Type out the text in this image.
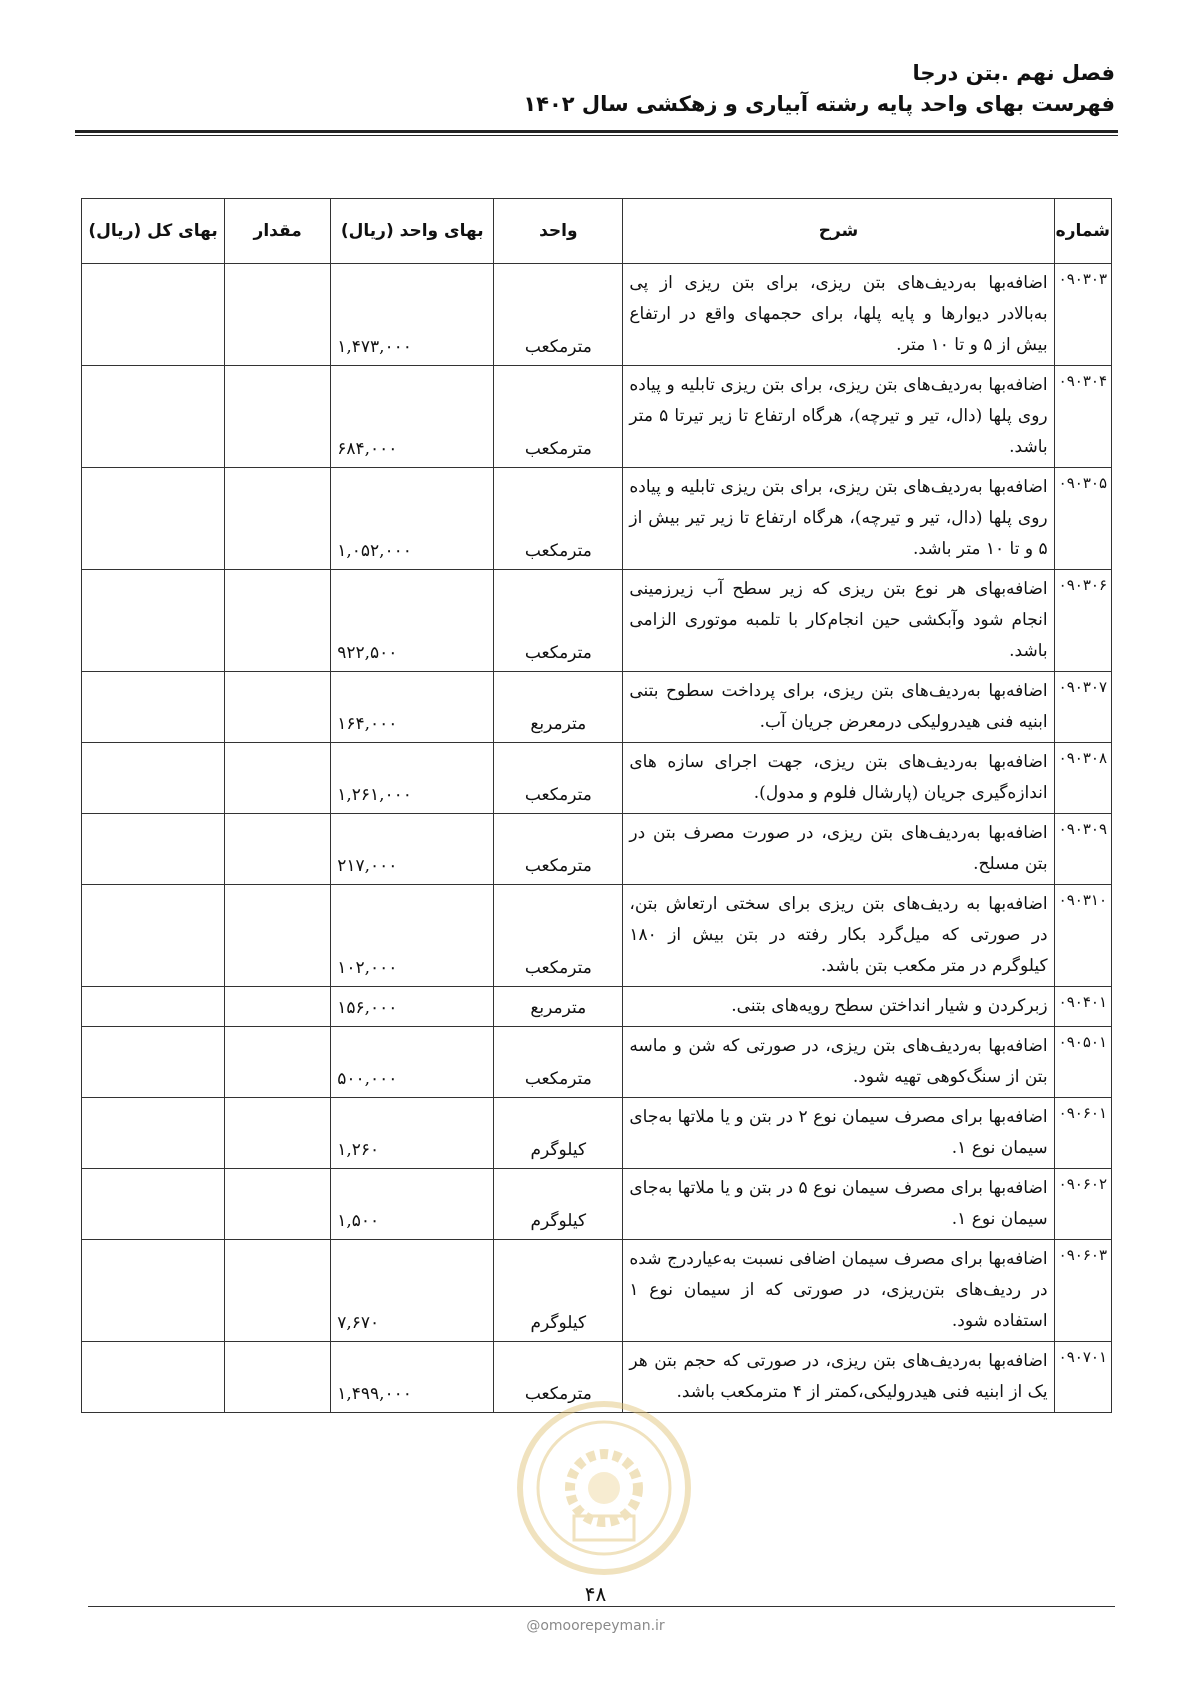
فصل نهم .بتن درجا
فهرست بهای واحد پایه رشته آبیاری و زهکشی سال ۱۴۰۲
شماره	شرح	واحد	بهای واحد (ریال)	مقدار	بهای کل (ریال)
۰۹۰۳۰۳	اضافه‌بها به‌ردیف‌های بتن ریزی، برای بتن ریزی از پی به‌بالادر دیوارها و پایه پلها، برای حجمهای واقع در ارتفاع بیش از ۵ و تا ۱۰ متر.	مترمکعب	۱,۴۷۳,۰۰۰		
۰۹۰۳۰۴	اضافه‌بها به‌ردیف‌های بتن ریزی، برای بتن ریزی تابلیه و پیاده روی پلها (دال، تیر و تیرچه)، هرگاه ارتفاع تا زیر تیرتا ۵ متر باشد.	مترمکعب	۶۸۴,۰۰۰		
۰۹۰۳۰۵	اضافه‌بها به‌ردیف‌های بتن ریزی، برای بتن ریزی تابلیه و پیاده روی پلها (دال، تیر و تیرچه)، هرگاه ارتفاع تا زیر تیر بیش از ۵ و تا ۱۰ متر باشد.	مترمکعب	۱,۰۵۲,۰۰۰		
۰۹۰۳۰۶	اضافه‌بهای هر نوع بتن ریزی که زیر سطح آب زیرزمینی انجام شود وآبکشی حین انجام‌کار با تلمبه موتوری الزامی باشد.	مترمکعب	۹۲۲,۵۰۰		
۰۹۰۳۰۷	اضافه‌بها به‌ردیف‌های بتن ریزی، برای پرداخت سطوح بتنی ابنیه فنی هیدرولیکی درمعرض جریان آب.	مترمربع	۱۶۴,۰۰۰		
۰۹۰۳۰۸	اضافه‌بها به‌ردیف‌های بتن ریزی، جهت اجرای سازه های اندازه‌گیری جریان (پارشال فلوم و مدول).	مترمکعب	۱,۲۶۱,۰۰۰		
۰۹۰۳۰۹	اضافه‌بها به‌ردیف‌های بتن ریزی، در صورت مصرف بتن در بتن مسلح.	مترمکعب	۲۱۷,۰۰۰		
۰۹۰۳۱۰	اضافه‌بها به ردیف‌های بتن ریزی برای سختی ارتعاش بتن، در صورتی که میل‌گرد بکار رفته در بتن بیش از ۱۸۰ کیلوگرم در متر مکعب بتن باشد.	مترمکعب	۱۰۲,۰۰۰		
۰۹۰۴۰۱	زبرکردن و شیار انداختن سطح رویه‌های بتنی.	مترمربع	۱۵۶,۰۰۰		
۰۹۰۵۰۱	اضافه‌بها به‌ردیف‌های بتن ریزی، در صورتی که شن و ماسه بتن از سنگ‌کوهی تهیه شود.	مترمکعب	۵۰۰,۰۰۰		
۰۹۰۶۰۱	اضافه‌بها برای مصرف سیمان نوع ۲ در بتن و یا ملاتها به‌جای سیمان نوع ۱.	کیلوگرم	۱,۲۶۰		
۰۹۰۶۰۲	اضافه‌بها برای مصرف سیمان نوع ۵ در بتن و یا ملاتها به‌جای سیمان نوع ۱.	کیلوگرم	۱,۵۰۰		
۰۹۰۶۰۳	اضافه‌بها برای مصرف سیمان اضافی نسبت به‌عیاردرج شده در ردیف‌های بتن‌ریزی، در صورتی که از سیمان نوع ۱ استفاده شود.	کیلوگرم	۷,۶۷۰		
۰۹۰۷۰۱	اضافه‌بها به‌ردیف‌های بتن ریزی، در صورتی که حجم بتن هر یک از ابنیه فنی هیدرولیکی،کمتر از ۴ مترمکعب باشد.	مترمکعب	۱,۴۹۹,۰۰۰		
۴۸
@omoorepeyman.ir
